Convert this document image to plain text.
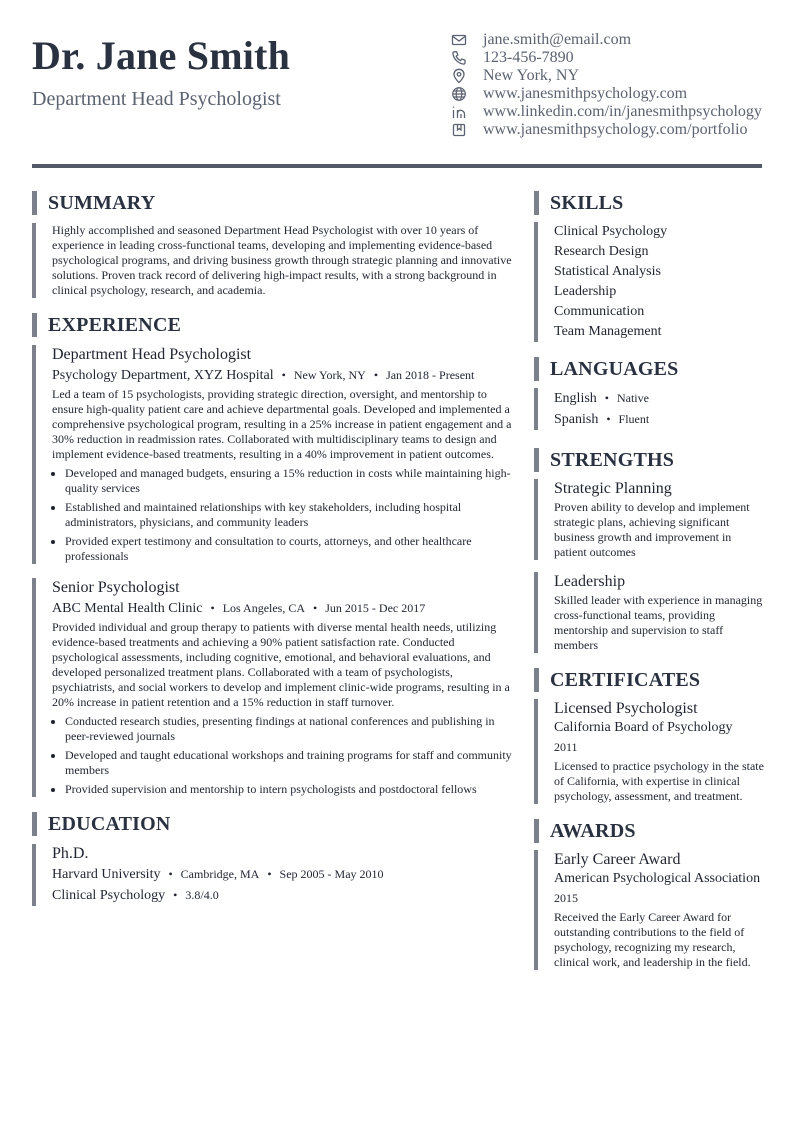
Dr. Jane Smith
Department Head Psychologist
jane.smith@email.com
123-456-7890
New York, NY
www.janesmithpsychology.com
www.linkedin.com/in/janesmithpsychology
www.janesmithpsychology.com/portfolio
SUMMARY
Highly accomplished and seasoned Department Head Psychologist with over 10 years of experience in leading cross-functional teams, developing and implementing evidence-based psychological programs, and driving business growth through strategic planning and innovative solutions. Proven track record of delivering high-impact results, with a strong background in clinical psychology, research, and academia.
EXPERIENCE
Department Head Psychologist
Psychology Department, XYZ Hospital • New York, NY • Jan 2018 - Present
Led a team of 15 psychologists, providing strategic direction, oversight, and mentorship to ensure high-quality patient care and achieve departmental goals. Developed and implemented a comprehensive psychological program, resulting in a 25% increase in patient engagement and a 30% reduction in readmission rates. Collaborated with multidisciplinary teams to design and implement evidence-based treatments, resulting in a 40% improvement in patient outcomes.
• Developed and managed budgets, ensuring a 15% reduction in costs while maintaining high-quality services
• Established and maintained relationships with key stakeholders, including hospital administrators, physicians, and community leaders
• Provided expert testimony and consultation to courts, attorneys, and other healthcare professionals
Senior Psychologist
ABC Mental Health Clinic • Los Angeles, CA • Jun 2015 - Dec 2017
Provided individual and group therapy to patients with diverse mental health needs, utilizing evidence-based treatments and achieving a 90% patient satisfaction rate. Conducted psychological assessments, including cognitive, emotional, and behavioral evaluations, and developed personalized treatment plans. Collaborated with a team of psychologists, psychiatrists, and social workers to develop and implement clinic-wide programs, resulting in a 20% increase in patient retention and a 15% reduction in staff turnover.
• Conducted research studies, presenting findings at national conferences and publishing in peer-reviewed journals
• Developed and taught educational workshops and training programs for staff and community members
• Provided supervision and mentorship to intern psychologists and postdoctoral fellows
EDUCATION
Ph.D.
Harvard University • Cambridge, MA • Sep 2005 - May 2010
Clinical Psychology • 3.8/4.0
SKILLS
Clinical Psychology
Research Design
Statistical Analysis
Leadership
Communication
Team Management
LANGUAGES
English • Native
Spanish • Fluent
STRENGTHS
Strategic Planning
Proven ability to develop and implement strategic plans, achieving significant business growth and improvement in patient outcomes
Leadership
Skilled leader with experience in managing cross-functional teams, providing mentorship and supervision to staff members
CERTIFICATES
Licensed Psychologist
California Board of Psychology
2011
Licensed to practice psychology in the state of California, with expertise in clinical psychology, assessment, and treatment.
AWARDS
Early Career Award
American Psychological Association
2015
Received the Early Career Award for outstanding contributions to the field of psychology, recognizing my research, clinical work, and leadership in the field.
